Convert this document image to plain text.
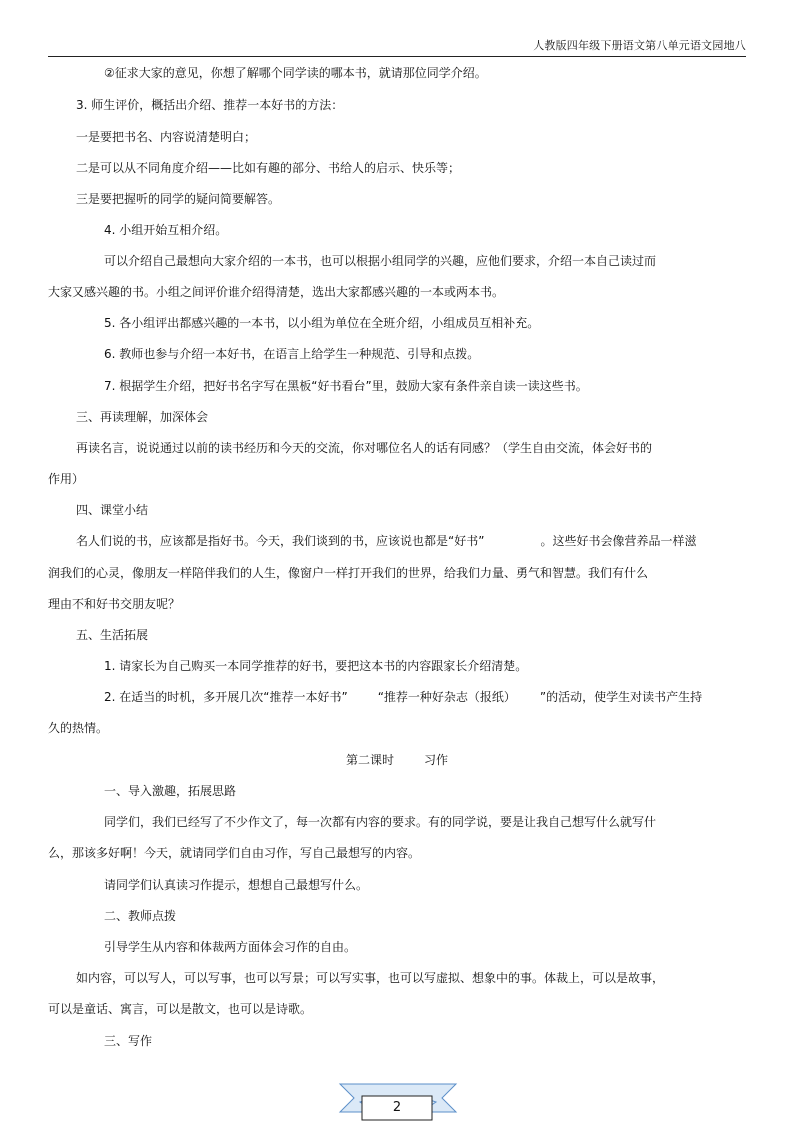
人教版四年级下册语文第八单元语文园地八
②征求大家的意见，你想了解哪个同学读的哪本书，就请那位同学介绍。
3. 师生评价，概括出介绍、推荐一本好书的方法：
一是要把书名、内容说清楚明白；
二是可以从不同角度介绍——比如有趣的部分、书给人的启示、快乐等；
三是要把握听的同学的疑问简要解答。
4. 小组开始互相介绍。
可以介绍自己最想向大家介绍的一本书，也可以根据小组同学的兴趣，应他们要求，介绍一本自己读过而
大家又感兴趣的书。小组之间评价谁介绍得清楚，选出大家都感兴趣的一本或两本书。
5. 各小组评出都感兴趣的一本书，以小组为单位在全班介绍，小组成员互相补充。
6. 教师也参与介绍一本好书，在语言上给学生一种规范、引导和点拨。
7. 根据学生介绍，把好书名字写在黑板“好书看台”里，鼓励大家有条件亲自读一读这些书。
三、再读理解，加深体会
再读名言，说说通过以前的读书经历和今天的交流，你对哪位名人的话有同感？（学生自由交流，体会好书的
作用）
四、课堂小结
名人们说的书，应该都是指好书。今天，我们谈到的书，应该说也都是“好书”	。这些好书会像营养品一样滋
润我们的心灵，像朋友一样陪伴我们的人生，像窗户一样打开我们的世界，给我们力量、勇气和智慧。我们有什么
理由不和好书交朋友呢？
五、生活拓展
1. 请家长为自己购买一本同学推荐的好书，要把这本书的内容跟家长介绍清楚。
2. 在适当的时机，多开展几次“推荐一本好书”	“推荐一种好杂志（报纸） ”的活动，使学生对读书产生持
久的热情。
第二课时	习作
一、导入激趣，拓展思路
同学们，我们已经写了不少作文了，每一次都有内容的要求。有的同学说，要是让我自己想写什么就写什
么，那该多好啊！今天，就请同学们自由习作，写自己最想写的内容。
请同学们认真读习作提示，想想自己最想写什么。
二、教师点拨
引导学生从内容和体裁两方面体会习作的自由。
如内容，可以写人，可以写事，也可以写景；可以写实事，也可以写虚拟、想象中的事。体裁上，可以是故事，
可以是童话、寓言，可以是散文，也可以是诗歌。
三、写作
2
